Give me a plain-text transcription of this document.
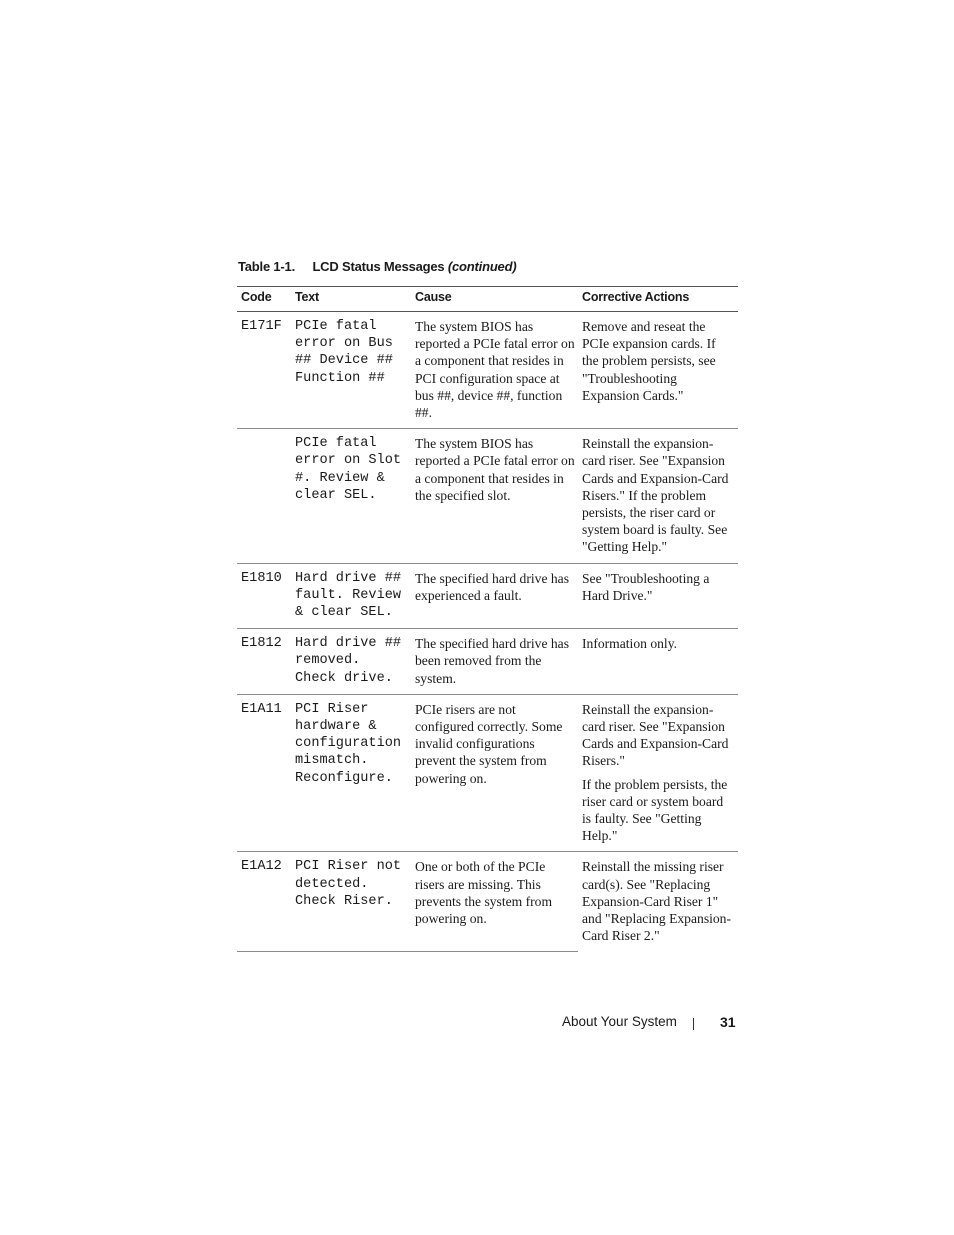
Table 1-1. LCD Status Messages (continued)
Code	Text	Cause	Corrective Actions
E171F	PCIe fatal error on Bus ## Device ## Function ##	The system BIOS has reported a PCIe fatal error on a component that resides in PCI configuration space at bus ##, device ##, function ##.	Remove and reseat the PCIe expansion cards. If the problem persists, see "Troubleshooting Expansion Cards."
	PCIe fatal error on Slot #. Review & clear SEL.	The system BIOS has reported a PCIe fatal error on a component that resides in the specified slot.	Reinstall the expansion-card riser. See "Expansion Cards and Expansion-Card Risers." If the problem persists, the riser card or system board is faulty. See "Getting Help."
E1810	Hard drive ## fault. Review & clear SEL.	The specified hard drive has experienced a fault.	See "Troubleshooting a Hard Drive."
E1812	Hard drive ## removed. Check drive.	The specified hard drive has been removed from the system.	Information only.
E1A11	PCI Riser hardware & configuration mismatch. Reconfigure.	PCIe risers are not configured correctly. Some invalid configurations prevent the system from powering on.	Reinstall the expansion-card riser. See "Expansion Cards and Expansion-Card Risers."
If the problem persists, the riser card or system board is faulty. See "Getting Help."

E1A12	PCI Riser not detected. Check Riser.	One or both of the PCIe risers are missing. This prevents the system from powering on.	Reinstall the missing riser card(s). See "Replacing Expansion-Card Riser 1" and "Replacing Expansion-Card Riser 2."
About Your System	31
